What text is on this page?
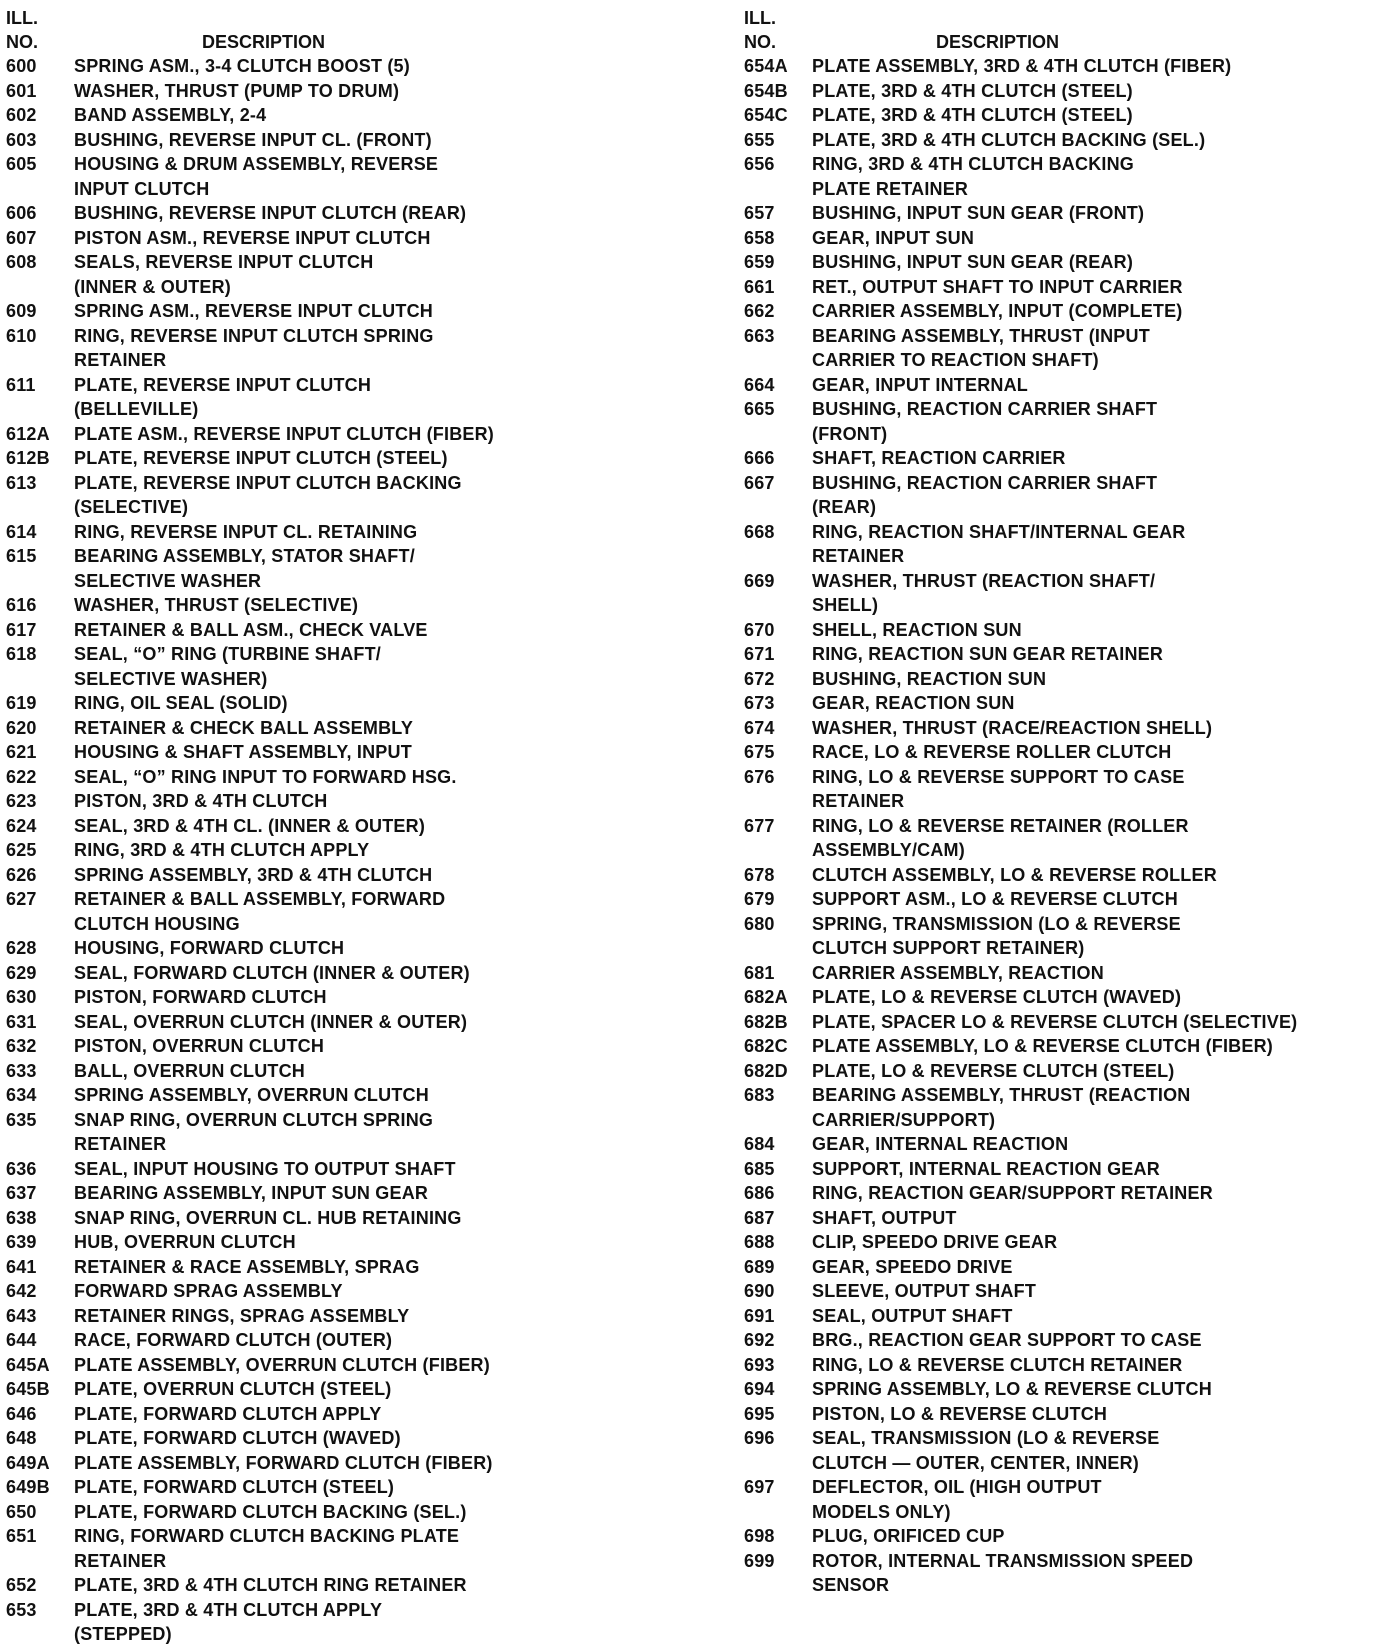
ILL.
NO.	DESCRIPTION
600	SPRING ASM., 3-4 CLUTCH BOOST (5)
601	WASHER, THRUST (PUMP TO DRUM)
602	BAND ASSEMBLY, 2-4
603	BUSHING, REVERSE INPUT CL. (FRONT)
605	HOUSING & DRUM ASSEMBLY, REVERSE
INPUT CLUTCH
606	BUSHING, REVERSE INPUT CLUTCH (REAR)
607	PISTON ASM., REVERSE INPUT CLUTCH
608	SEALS, REVERSE INPUT CLUTCH
(INNER & OUTER)
609	SPRING ASM., REVERSE INPUT CLUTCH
610	RING, REVERSE INPUT CLUTCH SPRING
RETAINER
611	PLATE, REVERSE INPUT CLUTCH
(BELLEVILLE)
612A	PLATE ASM., REVERSE INPUT CLUTCH (FIBER)
612B	PLATE, REVERSE INPUT CLUTCH (STEEL)
613	PLATE, REVERSE INPUT CLUTCH BACKING
(SELECTIVE)
614	RING, REVERSE INPUT CL. RETAINING
615	BEARING ASSEMBLY, STATOR SHAFT/
SELECTIVE WASHER
616	WASHER, THRUST (SELECTIVE)
617	RETAINER & BALL ASM., CHECK VALVE
618	SEAL, “O” RING (TURBINE SHAFT/
SELECTIVE WASHER)
619	RING, OIL SEAL (SOLID)
620	RETAINER & CHECK BALL ASSEMBLY
621	HOUSING & SHAFT ASSEMBLY, INPUT
622	SEAL, “O” RING INPUT TO FORWARD HSG.
623	PISTON, 3RD & 4TH CLUTCH
624	SEAL, 3RD & 4TH CL. (INNER & OUTER)
625	RING, 3RD & 4TH CLUTCH APPLY
626	SPRING ASSEMBLY, 3RD & 4TH CLUTCH
627	RETAINER & BALL ASSEMBLY, FORWARD
CLUTCH HOUSING
628	HOUSING, FORWARD CLUTCH
629	SEAL, FORWARD CLUTCH (INNER & OUTER)
630	PISTON, FORWARD CLUTCH
631	SEAL, OVERRUN CLUTCH (INNER & OUTER)
632	PISTON, OVERRUN CLUTCH
633	BALL, OVERRUN CLUTCH
634	SPRING ASSEMBLY, OVERRUN CLUTCH
635	SNAP RING, OVERRUN CLUTCH SPRING
RETAINER
636	SEAL, INPUT HOUSING TO OUTPUT SHAFT
637	BEARING ASSEMBLY, INPUT SUN GEAR
638	SNAP RING, OVERRUN CL. HUB RETAINING
639	HUB, OVERRUN CLUTCH
641	RETAINER & RACE ASSEMBLY, SPRAG
642	FORWARD SPRAG ASSEMBLY
643	RETAINER RINGS, SPRAG ASSEMBLY
644	RACE, FORWARD CLUTCH (OUTER)
645A	PLATE ASSEMBLY, OVERRUN CLUTCH (FIBER)
645B	PLATE, OVERRUN CLUTCH (STEEL)
646	PLATE, FORWARD CLUTCH APPLY
648	PLATE, FORWARD CLUTCH (WAVED)
649A	PLATE ASSEMBLY, FORWARD CLUTCH (FIBER)
649B	PLATE, FORWARD CLUTCH (STEEL)
650	PLATE, FORWARD CLUTCH BACKING (SEL.)
651	RING, FORWARD CLUTCH BACKING PLATE
RETAINER
652	PLATE, 3RD & 4TH CLUTCH RING RETAINER
653	PLATE, 3RD & 4TH CLUTCH APPLY
(STEPPED)
ILL.
NO.	DESCRIPTION
654A	PLATE ASSEMBLY, 3RD & 4TH CLUTCH (FIBER)
654B	PLATE, 3RD & 4TH CLUTCH (STEEL)
654C	PLATE, 3RD & 4TH CLUTCH (STEEL)
655	PLATE, 3RD & 4TH CLUTCH BACKING (SEL.)
656	RING, 3RD & 4TH CLUTCH BACKING
PLATE RETAINER
657	BUSHING, INPUT SUN GEAR (FRONT)
658	GEAR, INPUT SUN
659	BUSHING, INPUT SUN GEAR (REAR)
661	RET., OUTPUT SHAFT TO INPUT CARRIER
662	CARRIER ASSEMBLY, INPUT (COMPLETE)
663	BEARING ASSEMBLY, THRUST (INPUT
CARRIER TO REACTION SHAFT)
664	GEAR, INPUT INTERNAL
665	BUSHING, REACTION CARRIER SHAFT
(FRONT)
666	SHAFT, REACTION CARRIER
667	BUSHING, REACTION CARRIER SHAFT
(REAR)
668	RING, REACTION SHAFT/INTERNAL GEAR
RETAINER
669	WASHER, THRUST (REACTION SHAFT/
SHELL)
670	SHELL, REACTION SUN
671	RING, REACTION SUN GEAR RETAINER
672	BUSHING, REACTION SUN
673	GEAR, REACTION SUN
674	WASHER, THRUST (RACE/REACTION SHELL)
675	RACE, LO & REVERSE ROLLER CLUTCH
676	RING, LO & REVERSE SUPPORT TO CASE
RETAINER
677	RING, LO & REVERSE RETAINER (ROLLER
ASSEMBLY/CAM)
678	CLUTCH ASSEMBLY, LO & REVERSE ROLLER
679	SUPPORT ASM., LO & REVERSE CLUTCH
680	SPRING, TRANSMISSION (LO & REVERSE
CLUTCH SUPPORT RETAINER)
681	CARRIER ASSEMBLY, REACTION
682A	PLATE, LO & REVERSE CLUTCH (WAVED)
682B	PLATE, SPACER LO & REVERSE CLUTCH (SELECTIVE)
682C	PLATE ASSEMBLY, LO & REVERSE CLUTCH (FIBER)
682D	PLATE, LO & REVERSE CLUTCH (STEEL)
683	BEARING ASSEMBLY, THRUST (REACTION
CARRIER/SUPPORT)
684	GEAR, INTERNAL REACTION
685	SUPPORT, INTERNAL REACTION GEAR
686	RING, REACTION GEAR/SUPPORT RETAINER
687	SHAFT, OUTPUT
688	CLIP, SPEEDO DRIVE GEAR
689	GEAR, SPEEDO DRIVE
690	SLEEVE, OUTPUT SHAFT
691	SEAL, OUTPUT SHAFT
692	BRG., REACTION GEAR SUPPORT TO CASE
693	RING, LO & REVERSE CLUTCH RETAINER
694	SPRING ASSEMBLY, LO & REVERSE CLUTCH
695	PISTON, LO & REVERSE CLUTCH
696	SEAL, TRANSMISSION (LO & REVERSE
CLUTCH — OUTER, CENTER, INNER)
697	DEFLECTOR, OIL (HIGH OUTPUT
MODELS ONLY)
698	PLUG, ORIFICED CUP
699	ROTOR, INTERNAL TRANSMISSION SPEED
SENSOR
